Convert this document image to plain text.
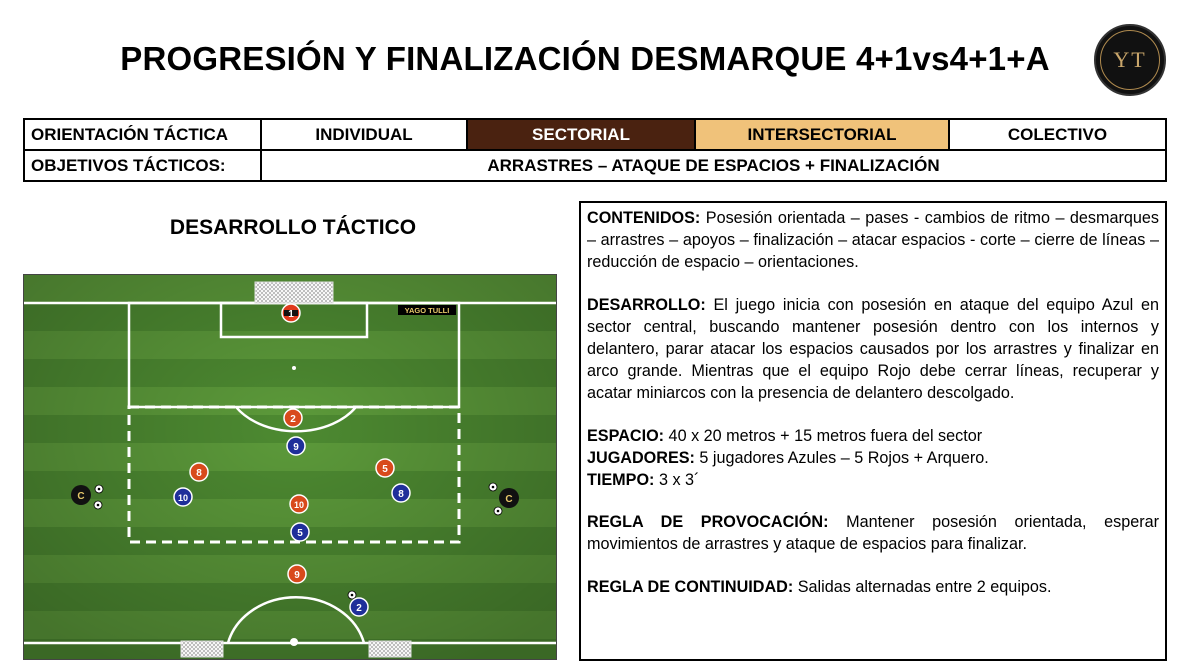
PROGRESIÓN Y FINALIZACIÓN DESMARQUE 4+1vs4+1+A	YT
ORIENTACIÓN TÁCTICA	INDIVIDUAL	SECTORIAL	INTERSECTORIAL	COLECTIVO
OBJETIVOS TÁCTICOS:	ARRASTRES – ATAQUE DE ESPACIOS + FINALIZACIÓN			
DESARROLLO TÁCTICO
YAGO TULLI
C	C
1
2
8	5
10
9
9
10	8
5
2

CONTENIDOS: Posesión orientada – pases - cambios de ritmo – desmarques – arrastres – apoyos – finalización – atacar espacios - corte – cierre de líneas – reducción de espacio – orientaciones.

DESARROLLO: El juego inicia con posesión en ataque del equipo Azul en sector central, buscando mantener posesión dentro con los internos y delantero, parar atacar los espacios causados por los arrastres y finalizar en arco grande. Mientras que el equipo Rojo debe cerrar líneas, recuperar y acatar miniarcos con la presencia de delantero descolgado.

ESPACIO: 40 x 20 metros + 15 metros fuera del sector

JUGADORES: 5 jugadores Azules – 5 Rojos + Arquero.

TIEMPO: 3 x 3´

REGLA DE PROVOCACIÓN: Mantener posesión orientada, esperar movimientos de arrastres y ataque de espacios para finalizar.

REGLA DE CONTINUIDAD: Salidas alternadas entre 2 equipos.
